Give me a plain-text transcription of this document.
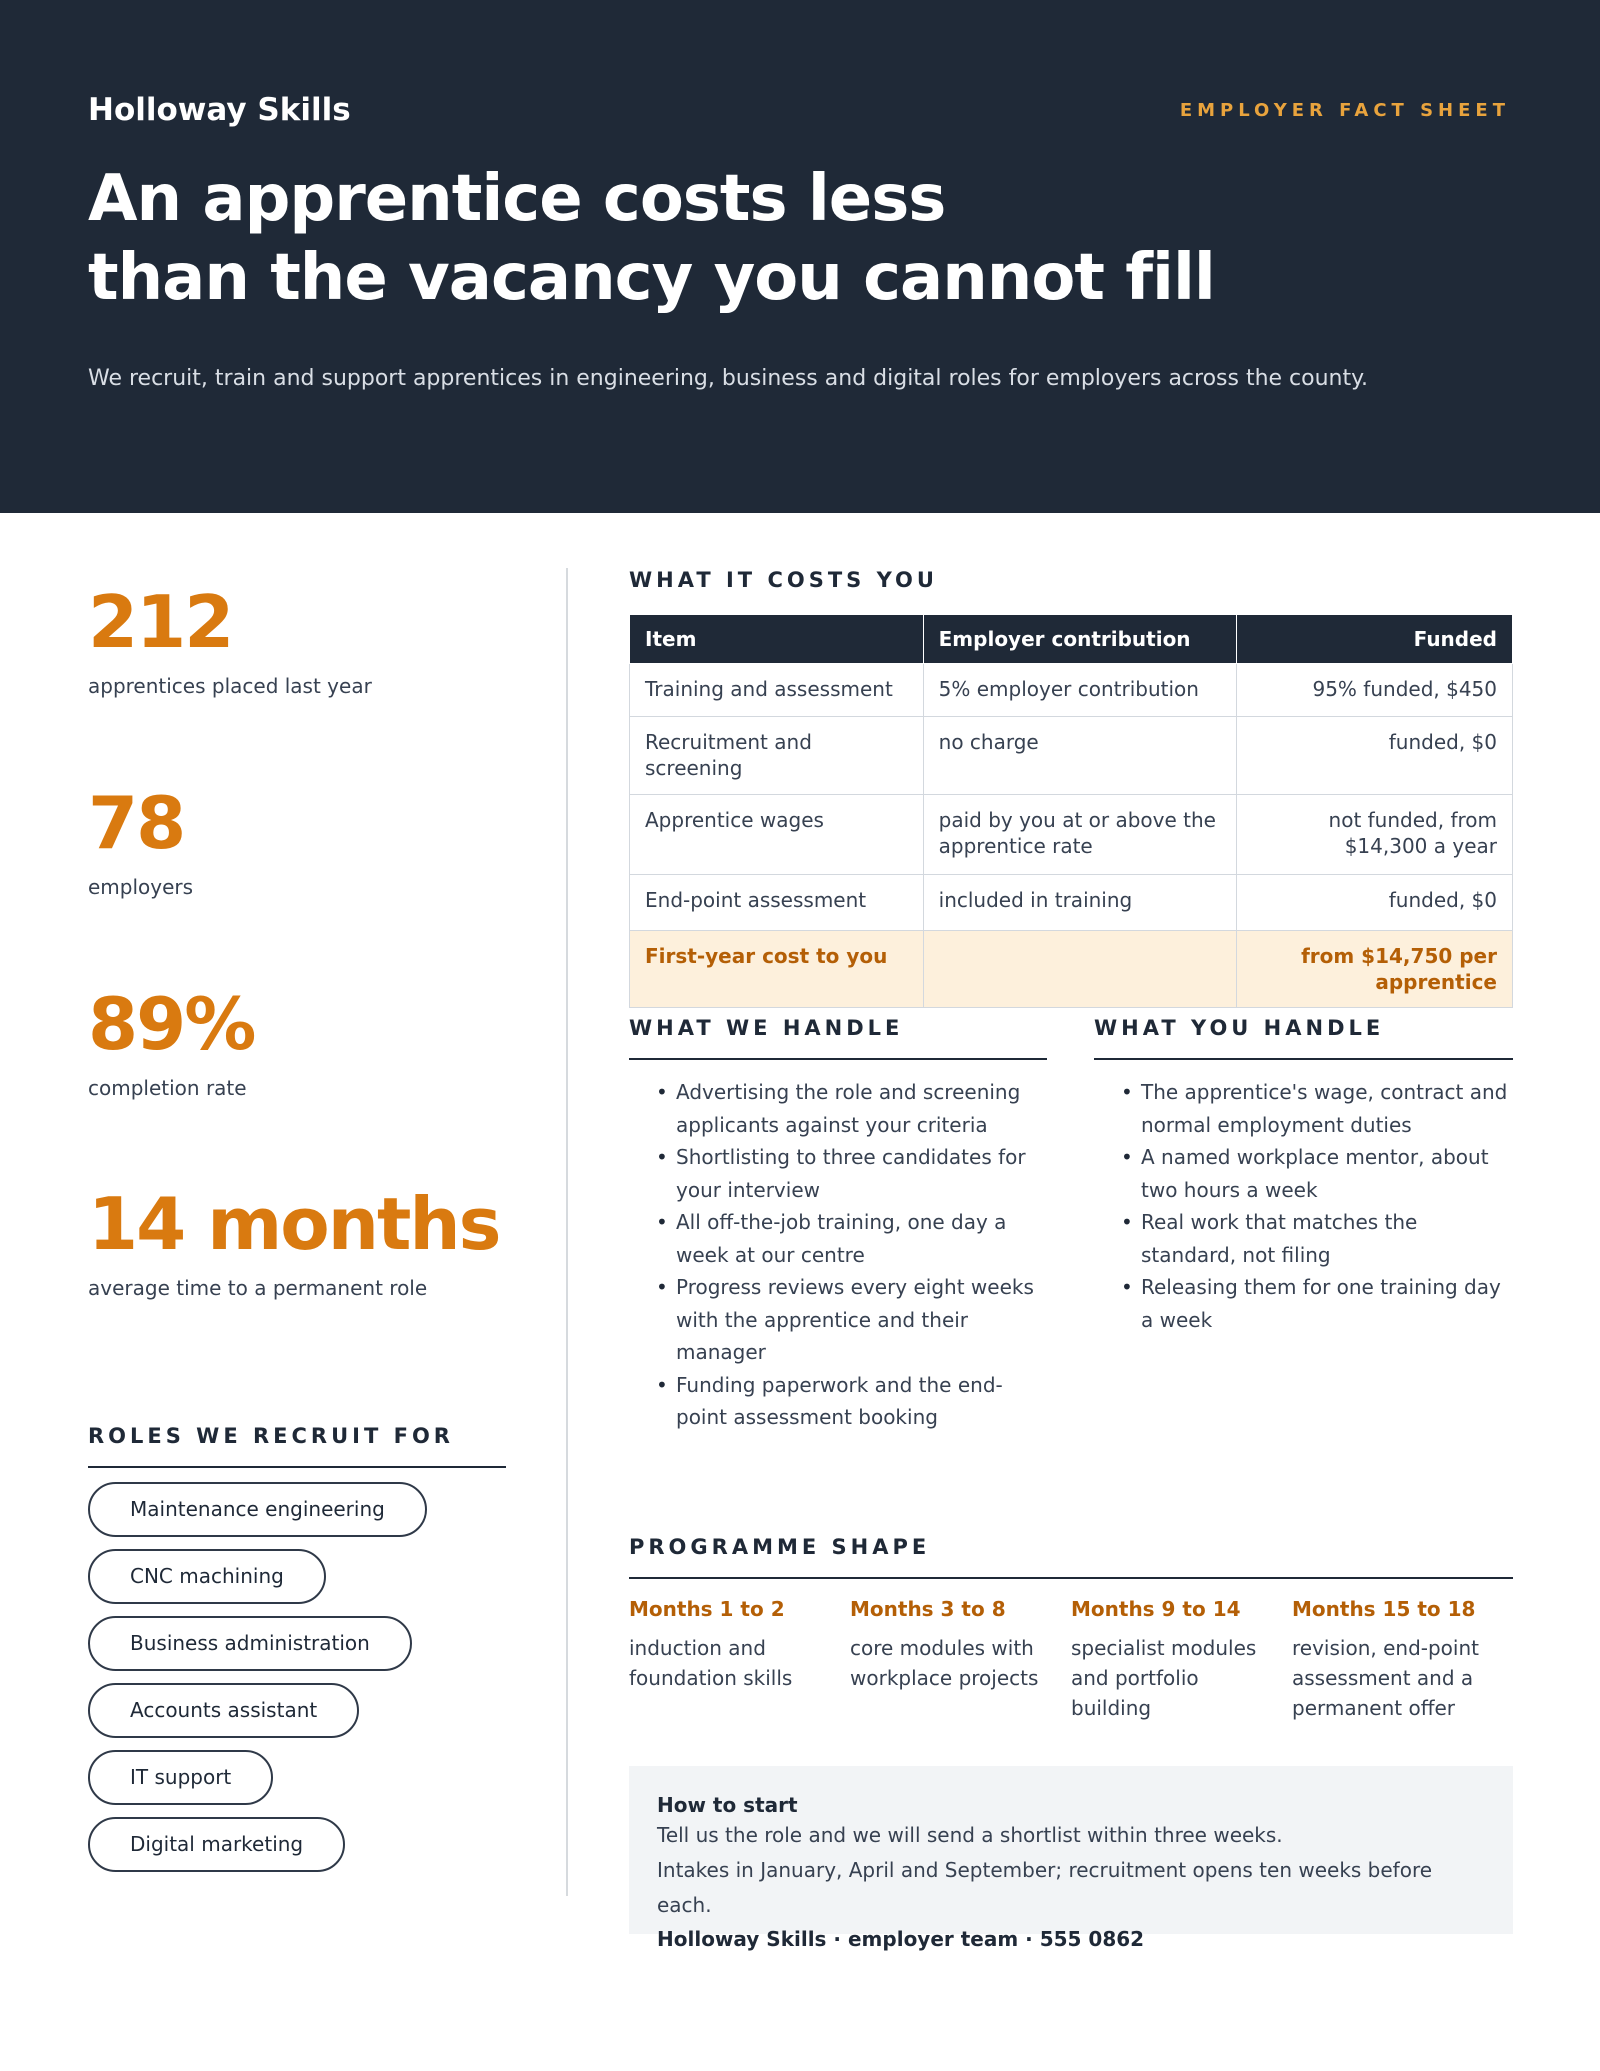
Holloway Skills	EMPLOYER FACT SHEET
An apprentice costs less
than the vacancy you cannot fill

We recruit, train and support apprentices in engineering, business and digital roles for employers across the county.

212
apprentices placed last year
78
employers
89%
completion rate
14 months
average time to a permanent role
ROLES WE RECRUIT FOR
Maintenance engineering
CNC machining
Business administration
Accounts assistant
IT support
Digital marketing
WHAT IT COSTS YOU
Item	Employer contribution	Funded
Training and assessment	5% employer contribution	95% funded, $450
Recruitment and screening	no charge	funded, $0
Apprentice wages	paid by you at or above the apprentice rate	not funded, from $14,300 a year
End-point assessment	included in training	funded, $0
First-year cost to you		from $14,750 per apprentice
WHAT WE HANDLE
• Advertising the role and screening applicants against your criteria
• Shortlisting to three candidates for your interview
• All off-the-job training, one day a week at our centre
• Progress reviews every eight weeks with the apprentice and their manager
• Funding paperwork and the end-point assessment booking
WHAT YOU HANDLE
• The apprentice's wage, contract and normal employment duties
• A named workplace mentor, about two hours a week
• Real work that matches the standard, not filing
• Releasing them for one training day a week
PROGRAMME SHAPE
Months 1 to 2
induction and foundation skills
Months 3 to 8
core modules with workplace projects
Months 9 to 14
specialist modules and portfolio building
Months 15 to 18
revision, end-point assessment and a permanent offer
How to start
Tell us the role and we will send a shortlist within three weeks.
Intakes in January, April and September; recruitment opens ten weeks before each.
Holloway Skills · employer team · 555 0862
